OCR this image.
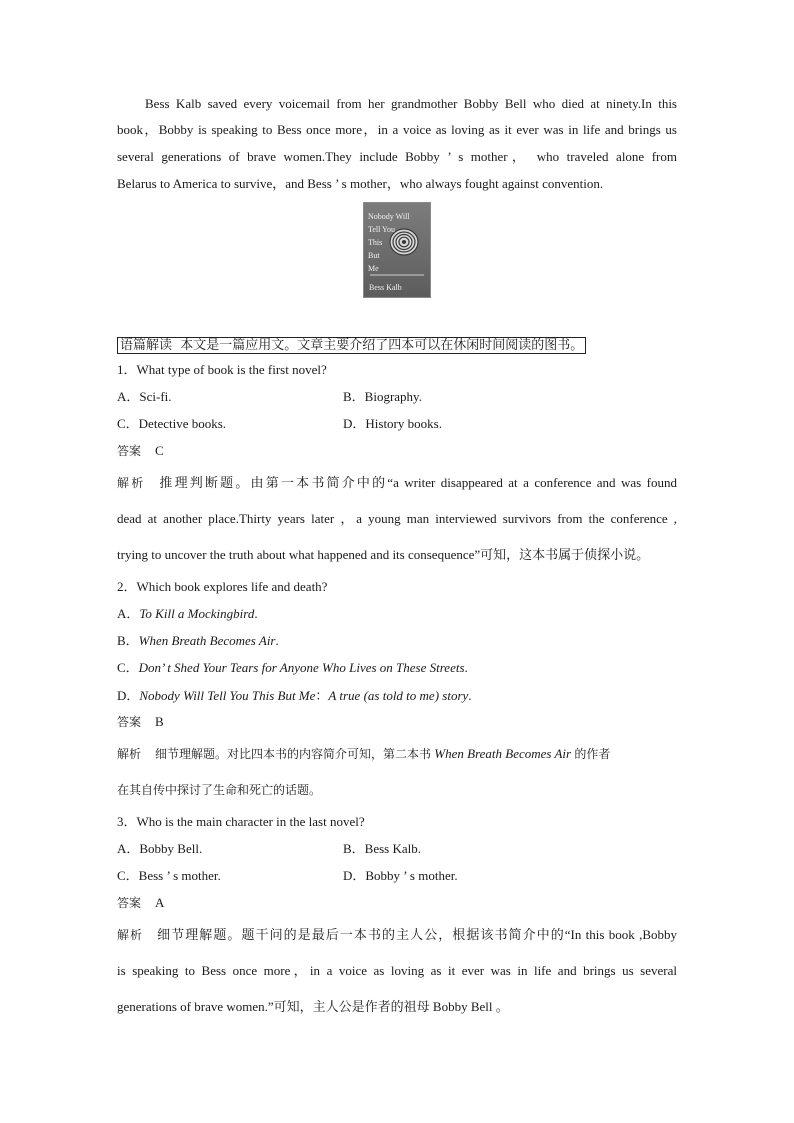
Bess Kalb saved every voicemail from her grandmother Bobby Bell who died at ninety.In this
book，Bobby is speaking to Bess once more，in a voice as loving as it ever was in life and brings us
several generations of brave women.They include Bobby ’ s mother， who traveled alone from
Belarus to America to survive，and Bess ’ s mother，who always fought against convention.
语篇解读 本文是一篇应用文。文章主要介绍了四本可以在休闲时间阅读的图书。
1．What type of book is the first novel?
A．Sci-fi.	B．Biography.
C．Detective books.	D．History books.
答案 C
解析 推理判断题。由第一本书简介中的“a writer disappeared at a conference and was found
dead at another place.Thirty years later ，a young man interviewed survivors from the conference ,
trying to uncover the truth about what happened and its consequence”可知，这本书属于侦探小说。
2．Which book explores life and death?
A．To Kill a Mockingbird.
B．When Breath Becomes Air.
C．Don’ t Shed Your Tears for Anyone Who Lives on These Streets.
D．Nobody Will Tell You This But Me：A true (as told to me) story.
答案 B
解析 细节理解题。对比四本书的内容简介可知，第二本书 When Breath Becomes Air 的作者
在其自传中探讨了生命和死亡的话题。
3．Who is the main character in the last novel?
A．Bobby Bell.	B．Bess Kalb.
C．Bess ’ s mother.	D．Bobby ’ s mother.
答案 A
解析 细节理解题。题干问的是最后一本书的主人公，根据该书简介中的“In this book ,Bobby
is speaking to Bess once more，in a voice as loving as it ever was in life and brings us several
generations of brave women.”可知，主人公是作者的祖母 Bobby Bell 。
Nobody Will
Tell You
This
But
Me
Bess Kalb
